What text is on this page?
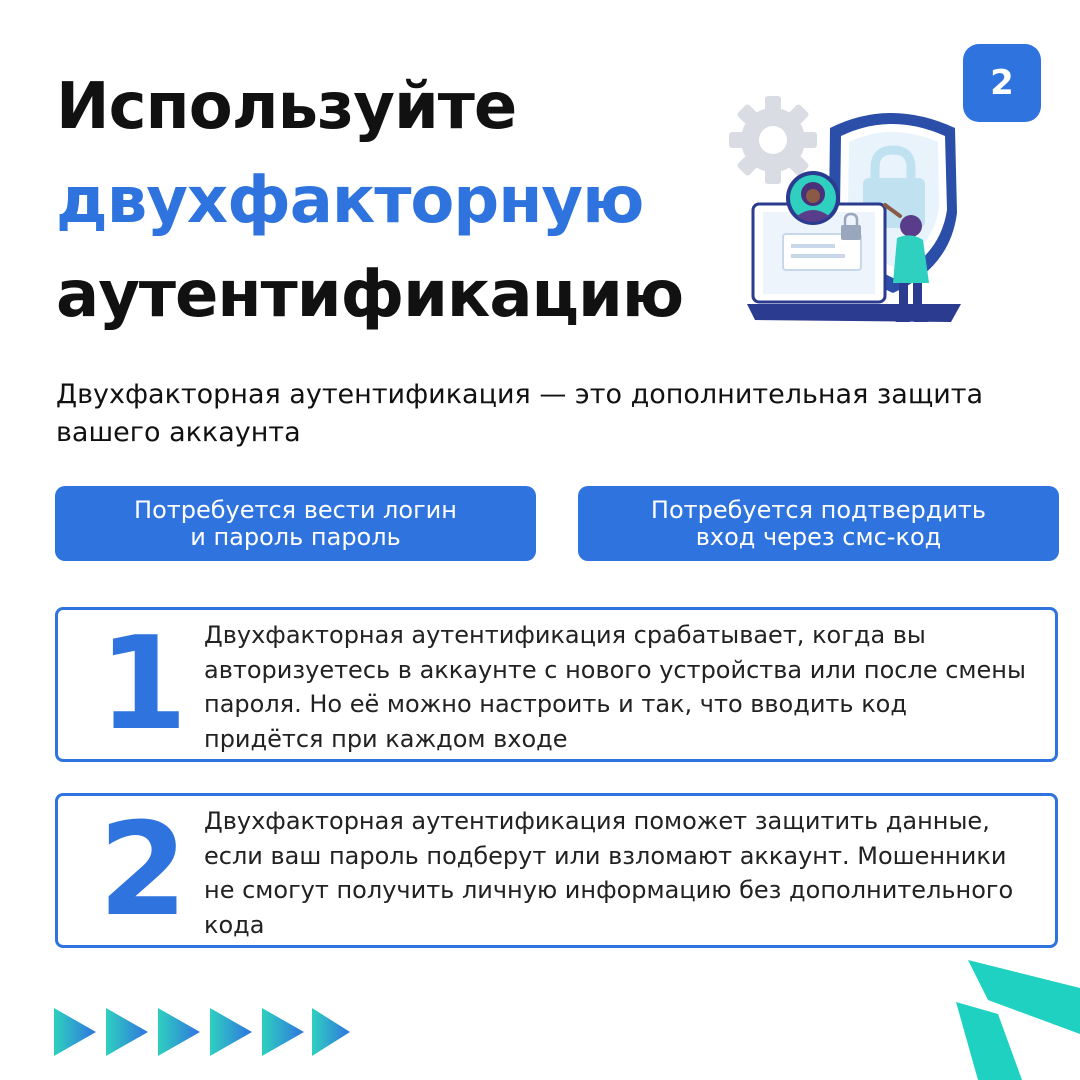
2
Используйте
двухфакторную
аутентификацию

Двухфакторная аутентификация — это дополнительная защита вашего аккаунта

Потребуется вести логин
и пароль пароль
Потребуется подтвердить
вход через смс-код
1 Двухфакторная аутентификация срабатывает, когда вы авторизуетесь в аккаунте с нового устройства или после смены пароля. Но её можно настроить и так, что вводить код придётся при каждом входе

2 Двухфакторная аутентификация поможет защитить данные, если ваш пароль подберут или взломают аккаунт. Мошенники не смогут получить личную информацию без дополнительного кода
